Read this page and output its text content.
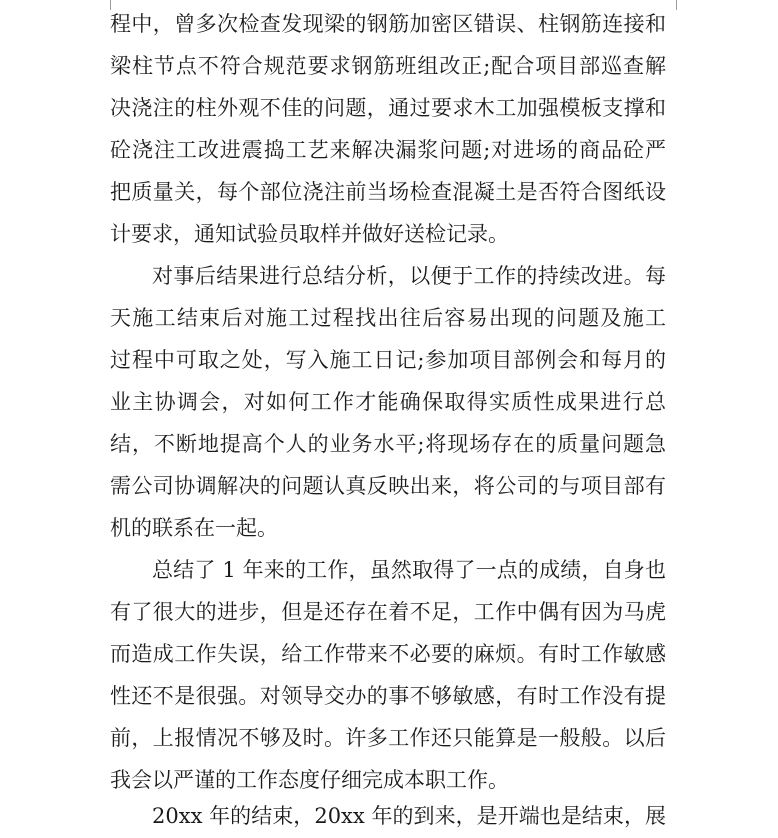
程中，曾多次检查发现梁的钢筋加密区错误、柱钢筋连接和
梁柱节点不符合规范要求钢筋班组改正;配合项目部巡查解
决浇注的柱外观不佳的问题，通过要求木工加强模板支撑和
砼浇注工改进震捣工艺来解决漏浆问题;对进场的商品砼严
把质量关，每个部位浇注前当场检查混凝土是否符合图纸设
计要求，通知试验员取样并做好送检记录。
对事后结果进行总结分析，以便于工作的持续改进。每
天施工结束后对施工过程找出往后容易出现的问题及施工
过程中可取之处，写入施工日记;参加项目部例会和每月的
业主协调会，对如何工作才能确保取得实质性成果进行总
结，不断地提高个人的业务水平;将现场存在的质量问题急
需公司协调解决的问题认真反映出来，将公司的与项目部有
机的联系在一起。
总结了 1 年来的工作，虽然取得了一点的成绩，自身也
有了很大的进步，但是还存在着不足，工作中偶有因为马虎
而造成工作失误，给工作带来不必要的麻烦。有时工作敏感
性还不是很强。对领导交办的事不够敏感，有时工作没有提
前，上报情况不够及时。许多工作还只能算是一般般。以后
我会以严谨的工作态度仔细完成本职工作。
20xx 年的结束，20xx 年的到来，是开端也是结束，展
